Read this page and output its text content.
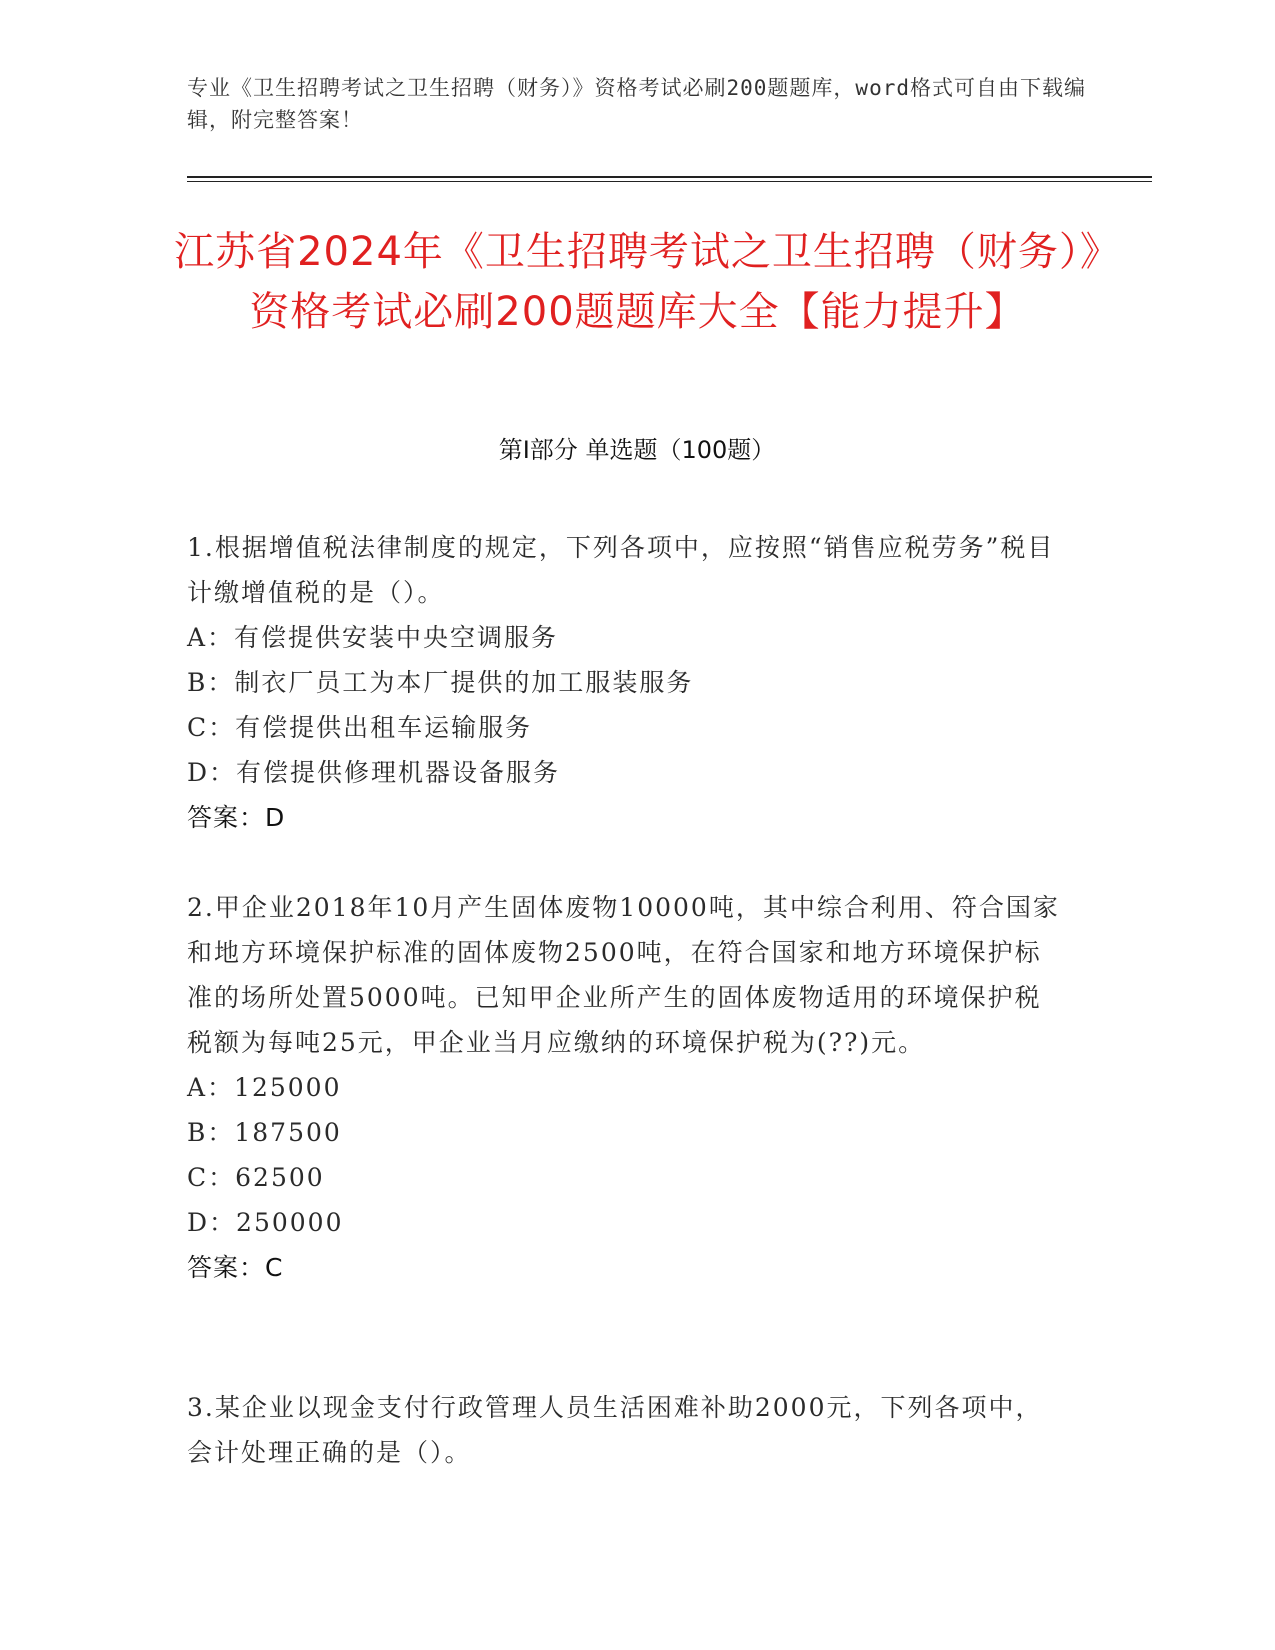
专业《卫生招聘考试之卫生招聘（财务）》资格考试必刷200题题库，word格式可自由下载编辑，附完整答案！
江苏省2024年《卫生招聘考试之卫生招聘（财务）》资格考试必刷200题题库大全【能力提升】
第Ⅰ部分 单选题（100题）

1.根据增值税法律制度的规定，下列各项中，应按照“销售应税劳务”税目计缴增值税的是（）。

A：有偿提供安装中央空调服务

B：制衣厂员工为本厂提供的加工服装服务

C：有偿提供出租车运输服务

D：有偿提供修理机器设备服务

答案：D

2.甲企业2018年10月产生固体废物10000吨，其中综合利用、符合国家和地方环境保护标准的固体废物2500吨，在符合国家和地方环境保护标准的场所处置5000吨。已知甲企业所产生的固体废物适用的环境保护税税额为每吨25元，甲企业当月应缴纳的环境保护税为(??)元。

A：125000

B：187500

C：62500

D：250000

答案：C

3.某企业以现金支付行政管理人员生活困难补助2000元，下列各项中，会计处理正确的是（）。
